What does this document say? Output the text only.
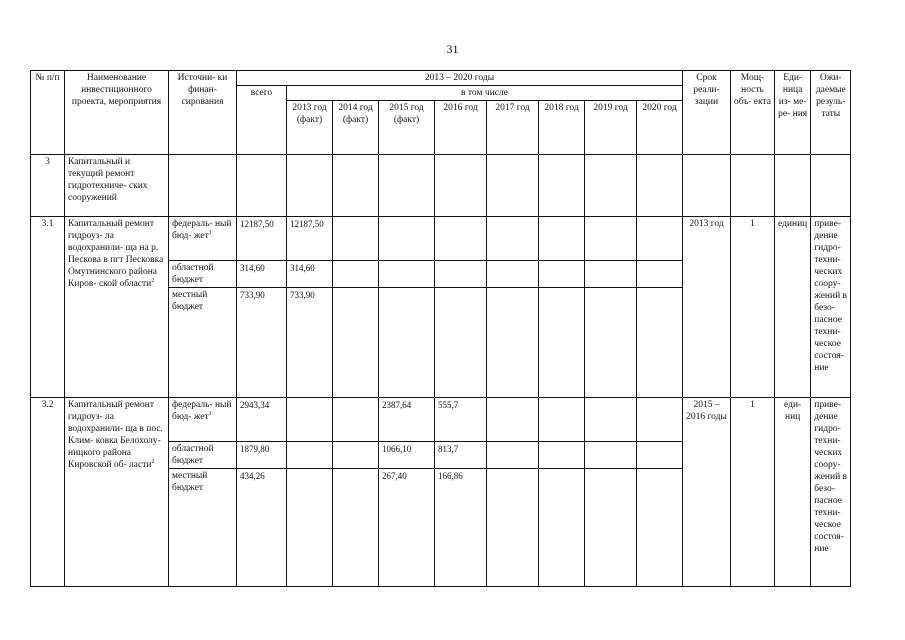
31
№ п/п	Наименование инвестиционного проекта, мероприятия	Источни- ки финан- сирования	2013 – 2020 годы									Срок реали- зации	Мощ- ность объ- екта	Еди- ница из- ме- ре- ния	Ожи- даемые резуль- таты
			всего	в том числе											
				2013 год (факт)	2014 год (факт)	2015 год (факт)	2016 год	2017 год	2018 год	2019 год	2020 год				
3	Капитальный и текущий ремонт гидротехниче- ских сооружений														
3.1	Капитальный ремонт гидроуз- ла водохранили- ща на р. Пескова в пгт Песковка Омутнинского района Киров- ской области$^2$	федераль- ный бюд- жет$^1$	12187,50	12187,50								2013 год	1	единиц	приве- дение гидро- техни- ческих соору- жений в безо- пасное техни- ческое состоя- ние
		областной бюджет	314,60	314,60											
		местный бюджет	733,90	733,90											
3.2	Капитальный ремонт гидроуз- ла водохранили- ща в пос. Клим- ковка Белохолу- ницкого района Кировской об- ласти$^2$	федераль- ный бюд- жет$^1$	2943,34			2387,64	555,7					2015 – 2016 годы	1	еди- ниц	приве- дение гидро- техни- ческих соору- жений в безо- пасное техни- ческое состоя- ние
		областной бюджет	1879,80			1066,10	813,7								
		местный бюджет	434,26			267,40	166,86								
